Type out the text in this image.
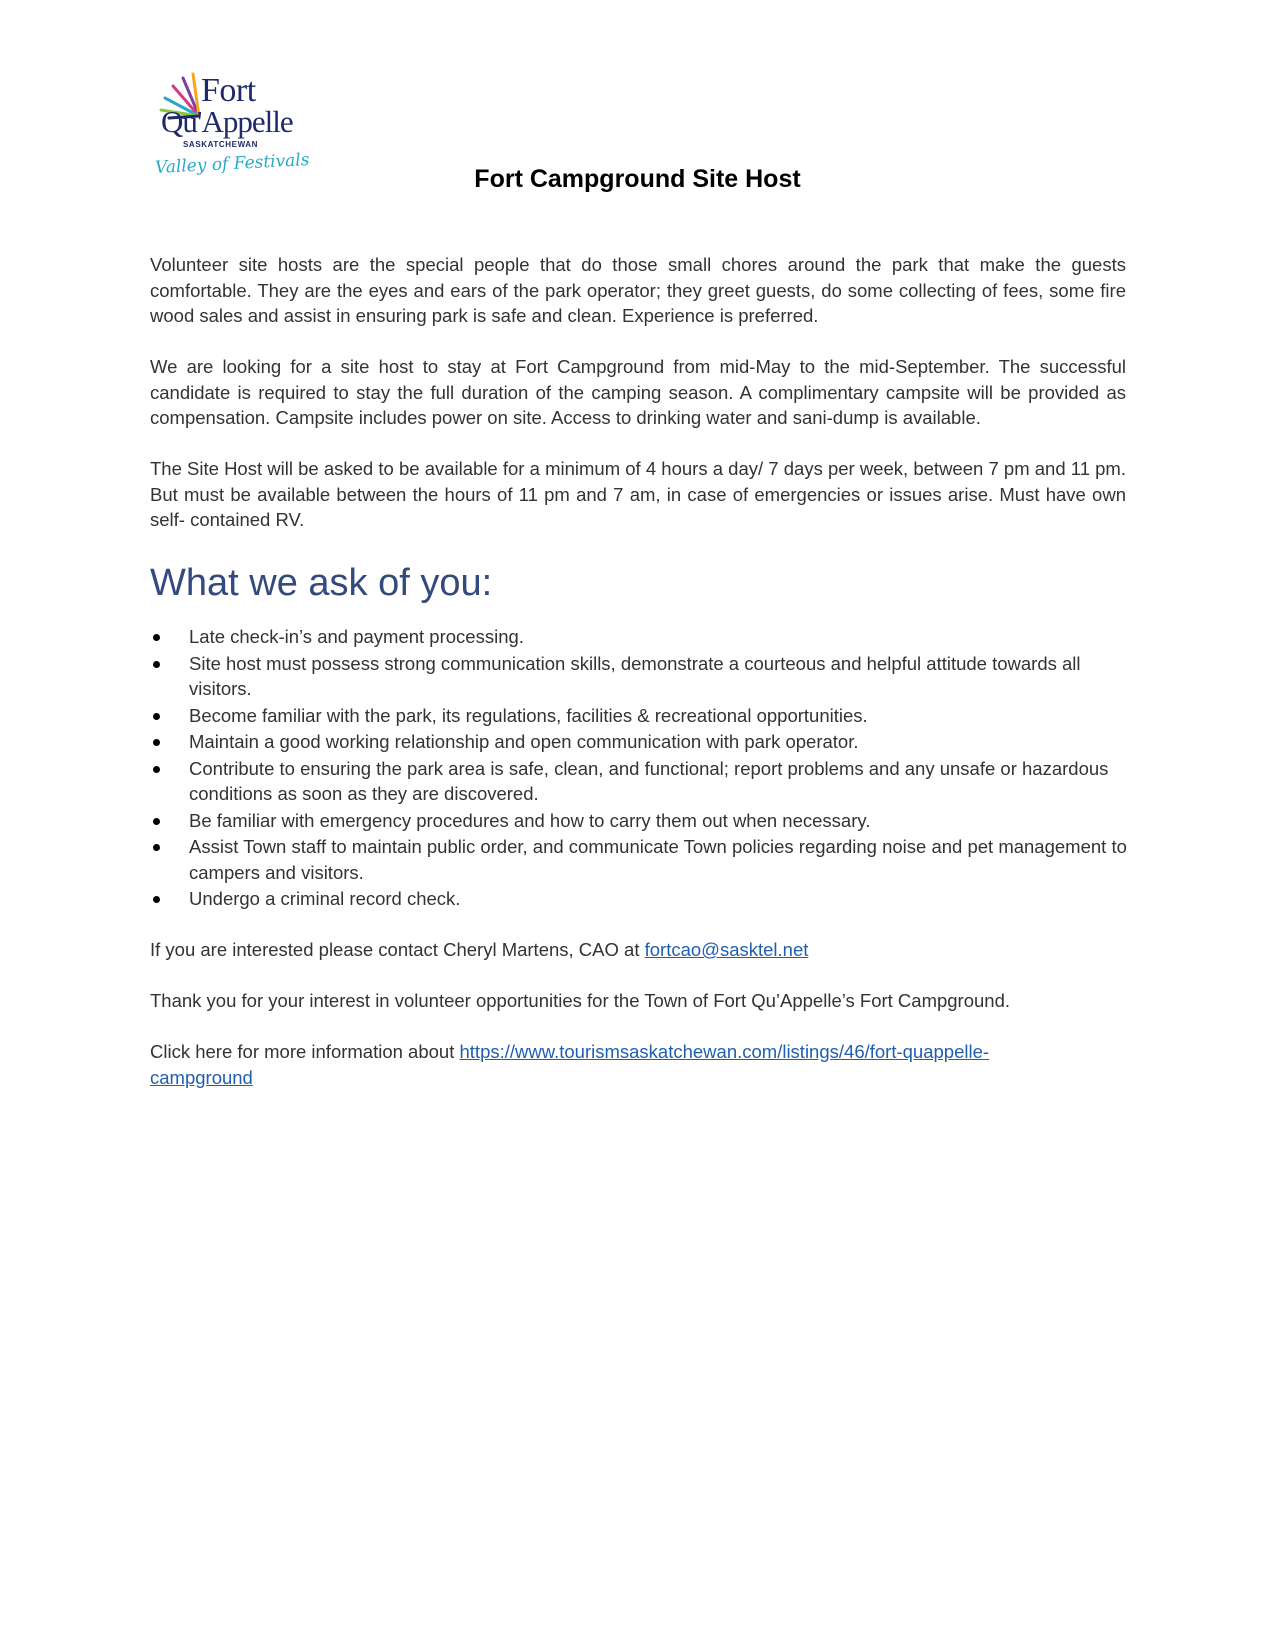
Fort
Qu'Appelle
SASKATCHEWAN
Valley of Festivals
Fort Campground Site Host

Volunteer site hosts are the special people that do those small chores around the park that make the guests comfortable. They are the eyes and ears of the park operator; they greet guests, do some collecting of fees, some fire wood sales and assist in ensuring park is safe and clean. Experience is preferred.

We are looking for a site host to stay at Fort Campground from mid-May to the mid-September. The successful candidate is required to stay the full duration of the camping season. A complimentary campsite will be provided as compensation. Campsite includes power on site. Access to drinking water and sani-dump is available.

The Site Host will be asked to be available for a minimum of 4 hours a day/ 7 days per week, between 7 pm and 11 pm. But must be available between the hours of 11 pm and 7 am, in case of emergencies or issues arise. Must have own self- contained RV.

What we ask of you:
Late check-in’s and payment processing.
Site host must possess strong communication skills, demonstrate a courteous and helpful attitude towards all visitors.
Become familiar with the park, its regulations, facilities & recreational opportunities.
Maintain a good working relationship and open communication with park operator.
Contribute to ensuring the park area is safe, clean, and functional; report problems and any unsafe or hazardous conditions as soon as they are discovered.
Be familiar with emergency procedures and how to carry them out when necessary.
Assist Town staff to maintain public order, and communicate Town policies regarding noise and pet management to campers and visitors.
Undergo a criminal record check.

If you are interested please contact Cheryl Martens, CAO at fortcao@sasktel.net

Thank you for your interest in volunteer opportunities for the Town of Fort Qu’Appelle’s Fort Campground.

Click here for more information about https://www.tourismsaskatchewan.com/listings/46/fort-quappelle-campground
